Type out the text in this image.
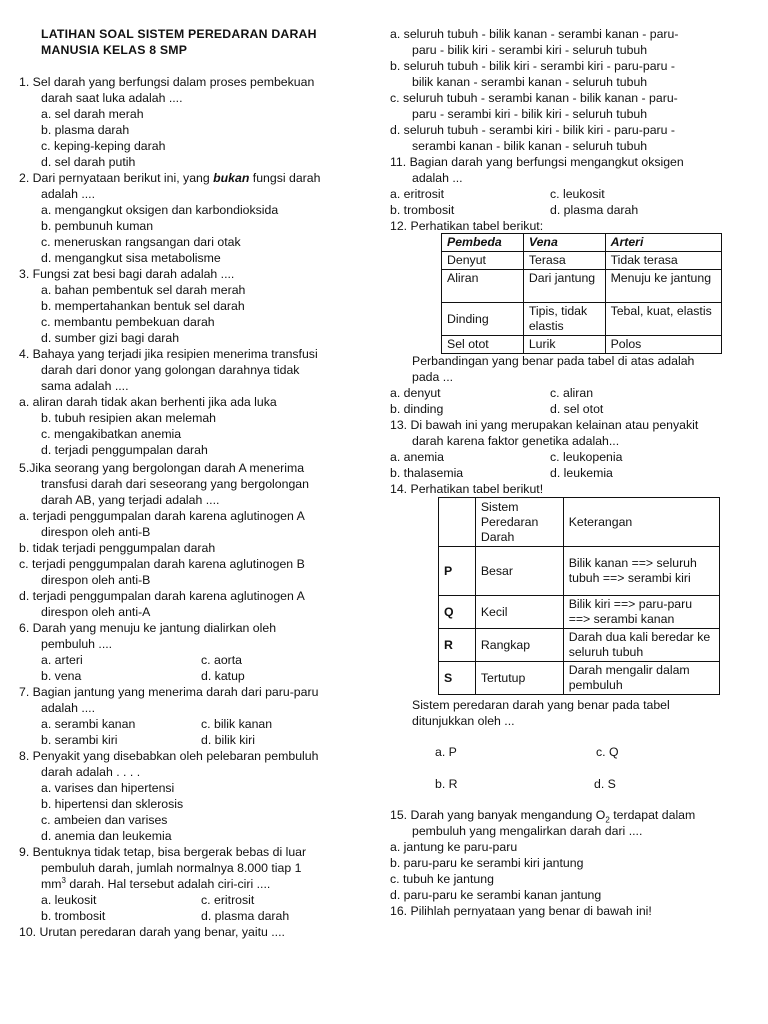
LATIHAN SOAL SISTEM PEREDARAN DARAH
MANUSIA KELAS 8 SMP
1. Sel darah yang berfungsi dalam proses pembekuan
darah saat luka adalah ....
a. sel darah merah
b. plasma darah
c. keping-keping darah
d. sel darah putih
2. Dari pernyataan berikut ini, yang bukan fungsi darah
adalah ....
a. mengangkut oksigen dan karbondioksida
b. pembunuh kuman
c. meneruskan rangsangan dari otak
d. mengangkut sisa metabolisme
3. Fungsi zat besi bagi darah adalah ....
a. bahan pembentuk sel darah merah
b. mempertahankan bentuk sel darah
c. membantu pembekuan darah
d. sumber gizi bagi darah
4. Bahaya yang terjadi jika resipien menerima transfusi
darah dari donor yang golongan darahnya tidak
sama adalah ....
a. aliran darah tidak akan berhenti jika ada luka
b. tubuh resipien akan melemah
c. mengakibatkan anemia
d. terjadi penggumpalan darah
5.Jika seorang yang bergolongan darah A menerima
transfusi darah dari seseorang yang bergolongan
darah AB, yang terjadi adalah ....
a. terjadi penggumpalan darah karena aglutinogen A
direspon oleh anti-B
b. tidak terjadi penggumpalan darah
c. terjadi penggumpalan darah karena aglutinogen B
direspon oleh anti-B
d. terjadi penggumpalan darah karena aglutinogen A
direspon oleh anti-A
6. Darah yang menuju ke jantung dialirkan oleh
pembuluh ....
a. arteri	c. aorta
b. vena	d. katup
7. Bagian jantung yang menerima darah dari paru-paru
adalah ....
a. serambi kanan	c. bilik kanan
b. serambi kiri	d. bilik kiri
8. Penyakit yang disebabkan oleh pelebaran pembuluh
darah adalah . . . .
a. varises dan hipertensi
b. hipertensi dan sklerosis
c. ambeien dan varises
d. anemia dan leukemia
9. Bentuknya tidak tetap, bisa bergerak bebas di luar
pembuluh darah, jumlah normalnya 8.000 tiap 1
$mm^3$ darah. Hal tersebut adalah ciri-ciri ....
a. leukosit	c. eritrosit
b. trombosit	d. plasma darah
10. Urutan peredaran darah yang benar, yaitu ....
a. seluruh tubuh - bilik kanan - serambi kanan - paru-
paru - bilik kiri - serambi kiri - seluruh tubuh
b. seluruh tubuh - bilik kiri - serambi kiri - paru-paru -
bilik kanan - serambi kanan - seluruh tubuh
c. seluruh tubuh - serambi kanan - bilik kanan - paru-
paru - serambi kiri - bilik kiri - seluruh tubuh
d. seluruh tubuh - serambi kiri - bilik kiri - paru-paru -
serambi kanan - bilik kanan - seluruh tubuh
11. Bagian darah yang berfungsi mengangkut oksigen
adalah ...
a. eritrosit	c. leukosit
b. trombosit	d. plasma darah
12. Perhatikan tabel berikut:
Pembeda	Vena	Arteri
Denyut	Terasa	Tidak terasa
Aliran	Dari jantung	Menuju ke jantung
Dinding	Tipis, tidak elastis	Tebal, kuat, elastis
Sel otot	Lurik	Polos
Perbandingan yang benar pada tabel di atas adalah
pada ...
a. denyut	c. aliran
b. dinding	d. sel otot
13. Di bawah ini yang merupakan kelainan atau penyakit
darah karena faktor genetika adalah...
a. anemia	c. leukopenia
b. thalasemia	d. leukemia
14. Perhatikan tabel berikut!
	Sistem Peredaran Darah	Keterangan
P	Besar	Bilik kanan ==> seluruh tubuh ==> serambi kiri
Q	Kecil	Bilik kiri ==> paru-paru ==> serambi kanan
R	Rangkap	Darah dua kali beredar ke seluruh tubuh
S	Tertutup	Darah mengalir dalam pembuluh
Sistem peredaran darah yang benar pada tabel
ditunjukkan oleh ...
a. P	c. Q
b. R	d. S
15. Darah yang banyak mengandung $O_2$ terdapat dalam
pembuluh yang mengalirkan darah dari ....
a. jantung ke paru-paru
b. paru-paru ke serambi kiri jantung
c. tubuh ke jantung
d. paru-paru ke serambi kanan jantung
16. Pilihlah pernyataan yang benar di bawah ini!
